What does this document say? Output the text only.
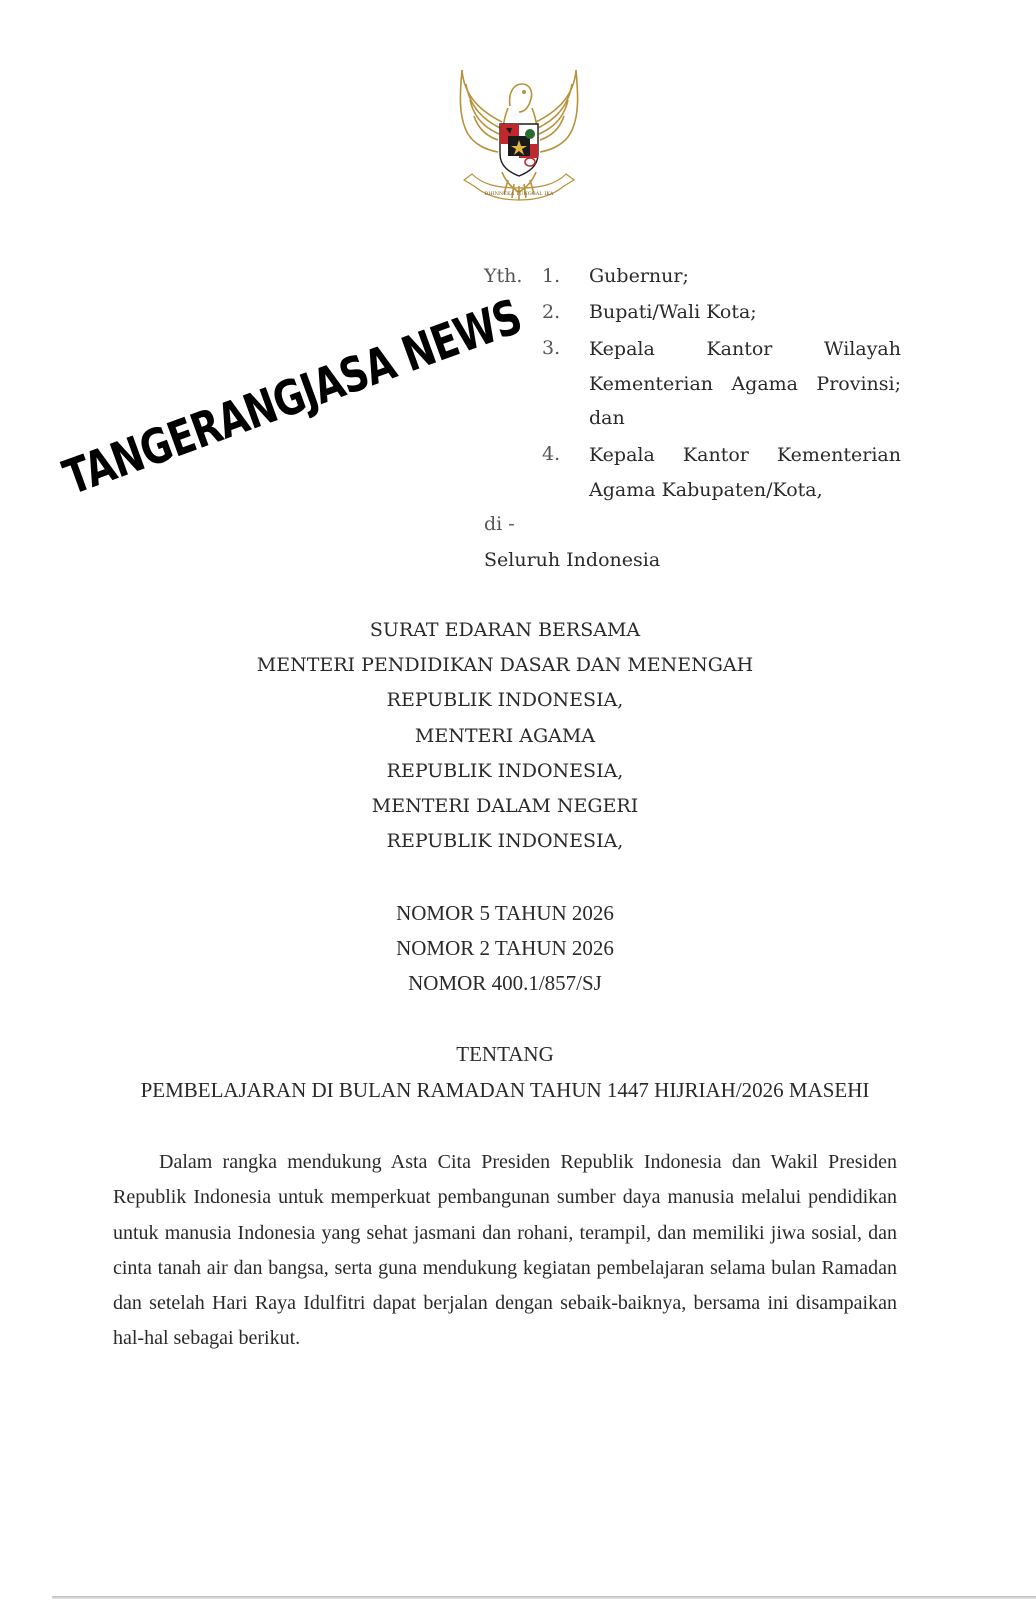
BHINNEKA TUNGGAL IKA
TANGERANGJASA NEWS
Yth. 1. Gubernur;
2. Bupati/Wali Kota;
3. Kepala Kantor Wilayah
Kementerian Agama Provinsi;
dan
4. Kepala Kantor Kementerian
Agama Kabupaten/Kota,
di -
Seluruh Indonesia
SURAT EDARAN BERSAMA
MENTERI PENDIDIKAN DASAR DAN MENENGAH
REPUBLIK INDONESIA,
MENTERI AGAMA
REPUBLIK INDONESIA,
MENTERI DALAM NEGERI
REPUBLIK INDONESIA,
NOMOR 5 TAHUN 2026
NOMOR 2 TAHUN 2026
NOMOR 400.1/857/SJ
TENTANG
PEMBELAJARAN DI BULAN RAMADAN TAHUN 1447 HIJRIAH/2026 MASEHI
Dalam rangka mendukung Asta Cita Presiden Republik Indonesia dan Wakil Presiden Republik Indonesia untuk memperkuat pembangunan sumber daya manusia melalui pendidikan untuk manusia Indonesia yang sehat jasmani dan rohani, terampil, dan memiliki jiwa sosial, dan cinta tanah air dan bangsa, serta guna mendukung kegiatan pembelajaran selama bulan Ramadan dan setelah Hari Raya Idulfitri dapat berjalan dengan sebaik-baiknya, bersama ini disampaikan hal-hal sebagai berikut.
